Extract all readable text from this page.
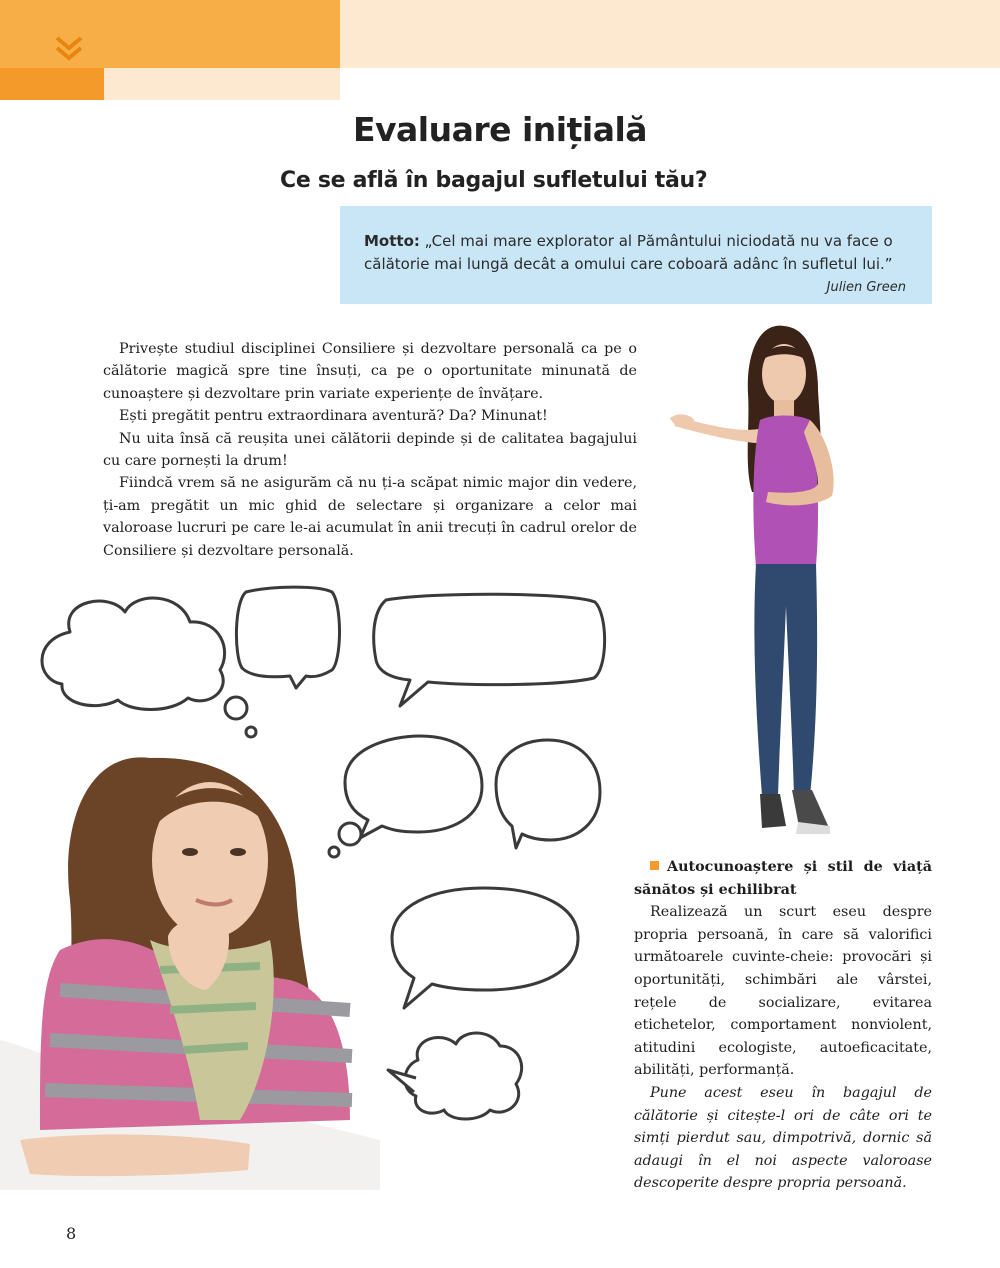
Evaluare inițială
Ce se află în bagajul sufletului tău?
Motto: „Cel mai mare explorator al Pământului niciodată nu va face o călătorie mai lungă decât a omului care coboară adânc în sufletul lui.”
Julien Green

Privește studiul disciplinei Consiliere și dezvoltare personală ca pe o călătorie magică spre tine însuți, ca pe o oportunitate minunată de cunoaștere și dezvoltare prin variate experiențe de învățare.

Ești pregătit pentru extraordinara aventură? Da? Minunat!

Nu uita însă că reușita unei călătorii depinde și de calitatea bagajului cu care pornești la drum!

Fiindcă vrem să ne asigurăm că nu ți-a scăpat nimic major din vedere, ți-am pregătit un mic ghid de selectare și organizare a celor mai valoroase lucruri pe care le-ai acumulat în anii trecuți în cadrul orelor de Consiliere și dezvoltare personală.

Autocunoaștere și stil de viață sănătos și echilibrat

Realizează un scurt eseu despre propria persoană, în care să valorifici următoarele cuvinte-cheie: provocări și oportunități, schimbări ale vârstei, rețele de socializare, evitarea etichetelor, comportament nonviolent, atitudini ecologiste, autoeficacitate, abilități, performanță.

Pune acest eseu în bagajul de călătorie și citește-l ori de câte ori te simți pierdut sau, dimpotrivă, dornic să adaugi în el noi aspecte valoroase descoperite despre propria persoană.

8
